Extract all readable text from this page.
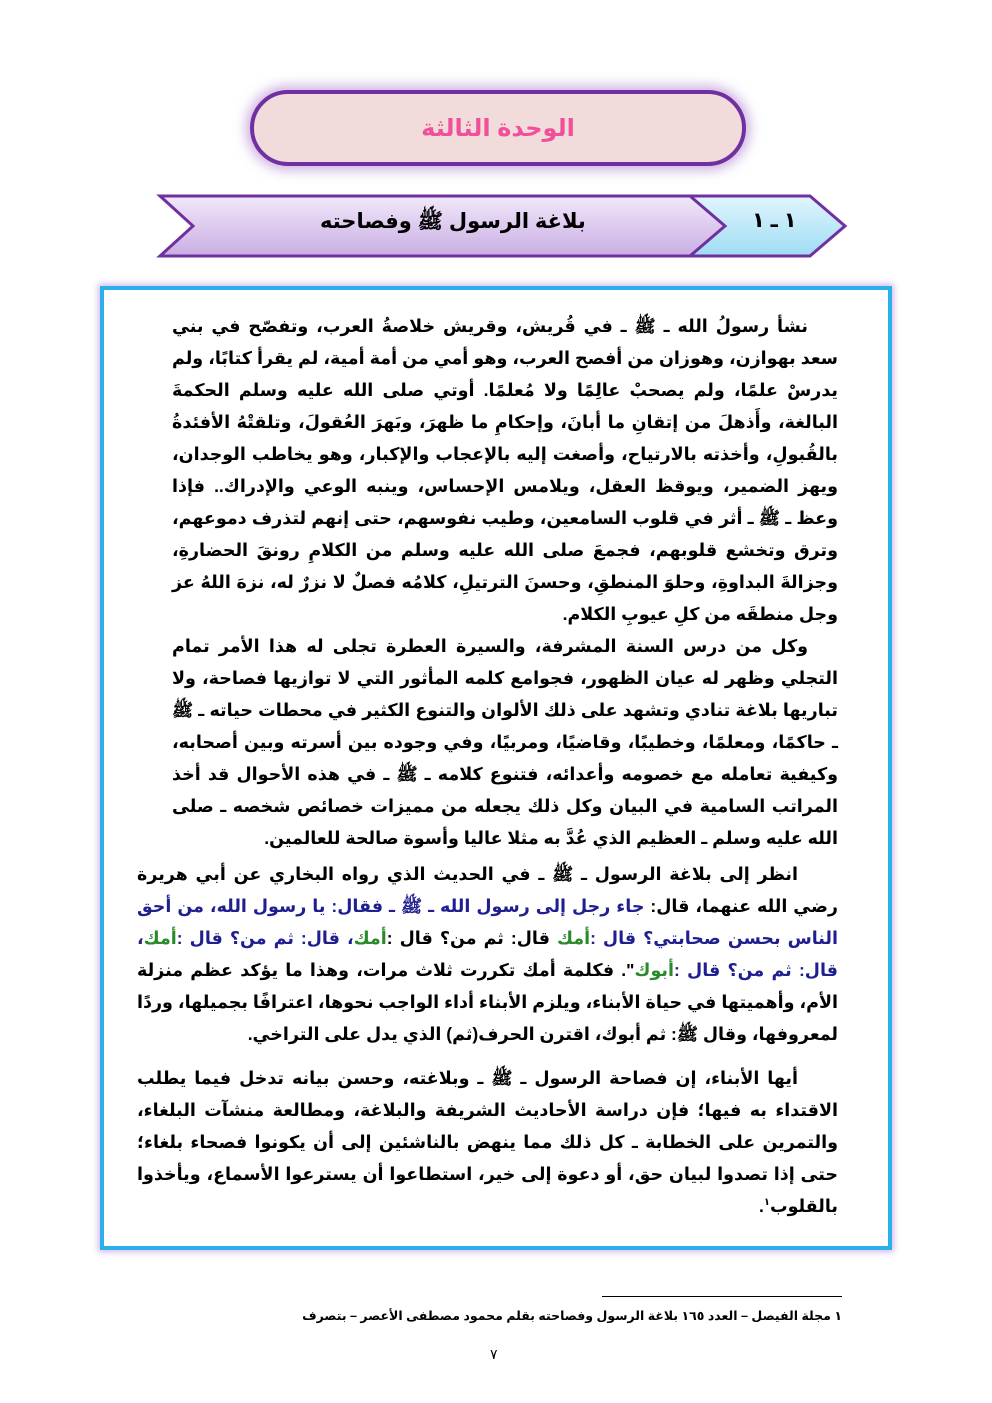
الوحدة الثالثة
بلاغة الرسول ﷺ وفصاحته	١ ـ ١

نشأ رسولُ الله ـ ﷺ ـ في قُريش، وقريش خلاصةُ العرب، وتفصّح في بني سعد بهوازن، وهوزان من أفصح العرب، وهو أمي من أمة أمية، لم يقرأ كتابًا، ولم يدرسْ علمًا، ولم يصحبْ عالِمًا ولا مُعلمًا. أوتي صلى الله عليه وسلم الحكمةَ البالغة، وأَذهلَ من إتقانِ ما أبانَ، وإحكامِ ما ظهرَ، وبَهرَ العُقولَ، وتلقتْهُ الأفئدةُ بالقُبولِ، وأخذته بالارتياح، وأصغت إليه بالإعجاب والإكبار، وهو يخاطب الوجدان، ويهز الضمير، ويوقظ العقل، ويلامس الإحساس، وينبه الوعي والإدراك.. فإذا وعظ ـ ﷺ ـ أثر في قلوب السامعين، وطيب نفوسهم، حتى إنهم لتذرف دموعهم، وترق وتخشع قلوبهم، فجمعَ صلى الله عليه وسلم من الكلامِ رونقَ الحضارةِ، وجزالةَ البداوةِ، وحلوَ المنطقِ، وحسنَ الترتيلِ، كلامُه فصلٌ لا نزرٌ له، نزهَ اللهُ عز وجل منطقَه من كلِ عيوبِ الكلام.

وكل من درس السنة المشرفة، والسيرة العطرة تجلى له هذا الأمر تمام التجلي وظهر له عيان الظهور، فجوامع كلمه المأثور التي لا توازيها فصاحة، ولا تباريها بلاغة تنادي وتشهد على ذلك الألوان والتنوع الكثير في محطات حياته ـ ﷺ ـ حاكمًا، ومعلمًا، وخطيبًا، وقاضيًا، ومربيًا، وفي وجوده بين أسرته وبين أصحابه، وكيفية تعامله مع خصومه وأعدائه، فتنوع كلامه ـ ﷺ ـ في هذه الأحوال قد أخذ المراتب السامية في البيان وكل ذلك يجعله من مميزات خصائص شخصه ـ صلى الله عليه وسلم ـ العظيم الذي عُدَّ به مثلا عاليا وأسوة صالحة للعالمين.

انظر إلى بلاغة الرسول ـ ﷺ ـ في الحديث الذي رواه البخاري عن أبي هريرة رضي الله عنهما، قال: جاء رجل إلى رسول الله ـ ﷺ ـ فقال: يا رسول الله، من أحق الناس بحسن صحابتي؟ قال :أمك قال: ثم من؟ قال :أمك، قال: ثم من؟ قال :أمك، قال: ثم من؟ قال :أبوك". فكلمة أمك تكررت ثلاث مرات، وهذا ما يؤكد عظم منزلة الأم، وأهميتها في حياة الأبناء، ويلزم الأبناء أداء الواجب نحوها، اعترافًا بجميلها، وردًا لمعروفها، وقال ﷺ: ثم أبوك، اقترن الحرف(ثم) الذي يدل على التراخي.

أيها الأبناء، إن فصاحة الرسول ـ ﷺ ـ وبلاغته، وحسن بيانه تدخل فيما يطلب الاقتداء به فيها؛ فإن دراسة الأحاديث الشريفة والبلاغة، ومطالعة منشآت البلغاء، والتمرين على الخطابة ـ كل ذلك مما ينهض بالناشئين إلى أن يكونوا فصحاء بلغاء؛ حتى إذا تصدوا لبيان حق، أو دعوة إلى خير، استطاعوا أن يسترعوا الأسماع، ويأخذوا بالقلوب$^١$.

١ مجلة الفيصل – العدد ١٦٥ بلاغة الرسول وفصاحته بقلم محمود مصطفى الأعصر – بتصرف
٧
